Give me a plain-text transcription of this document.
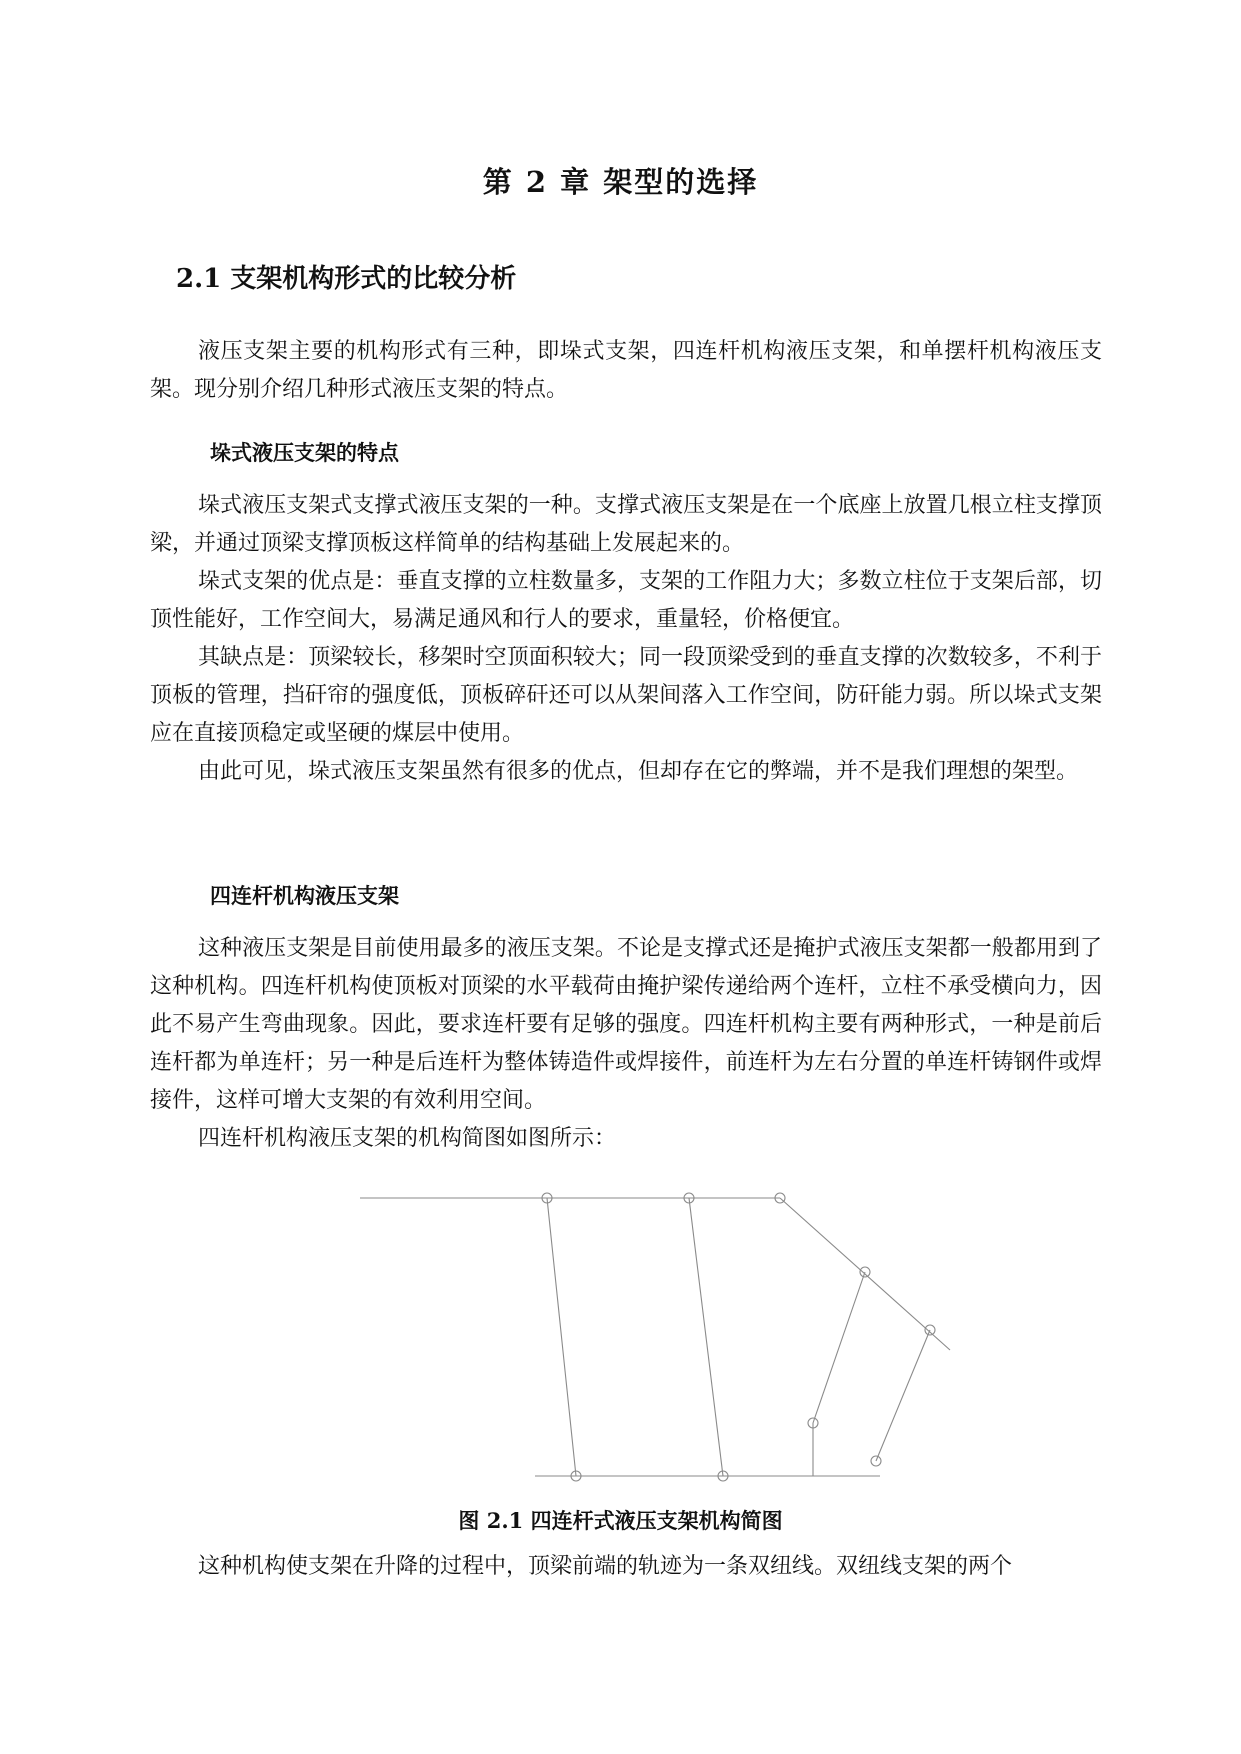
第 2 章 架型的选择
2.1 支架机构形式的比较分析

液压支架主要的机构形式有三种，即垛式支架，四连杆机构液压支架，和单摆杆机构液压支架。现分别介绍几种形式液压支架的特点。

垛式液压支架的特点

垛式液压支架式支撑式液压支架的一种。支撑式液压支架是在一个底座上放置几根立柱支撑顶梁，并通过顶梁支撑顶板这样简单的结构基础上发展起来的。

垛式支架的优点是：垂直支撑的立柱数量多，支架的工作阻力大；多数立柱位于支架后部，切顶性能好，工作空间大，易满足通风和行人的要求，重量轻，价格便宜。

其缺点是：顶梁较长，移架时空顶面积较大；同一段顶梁受到的垂直支撑的次数较多，不利于顶板的管理，挡矸帘的强度低，顶板碎矸还可以从架间落入工作空间，防矸能力弱。所以垛式支架应在直接顶稳定或坚硬的煤层中使用。

由此可见，垛式液压支架虽然有很多的优点，但却存在它的弊端，并不是我们理想的架型。

四连杆机构液压支架

这种液压支架是目前使用最多的液压支架。不论是支撑式还是掩护式液压支架都一般都用到了这种机构。四连杆机构使顶板对顶梁的水平载荷由掩护梁传递给两个连杆，立柱不承受横向力，因此不易产生弯曲现象。因此，要求连杆要有足够的强度。四连杆机构主要有两种形式，一种是前后连杆都为单连杆；另一种是后连杆为整体铸造件或焊接件，前连杆为左右分置的单连杆铸钢件或焊接件，这样可增大支架的有效利用空间。

四连杆机构液压支架的机构简图如图所示：

图 2.1 四连杆式液压支架机构简图

这种机构使支架在升降的过程中，顶梁前端的轨迹为一条双纽线。双纽线支架的两个
